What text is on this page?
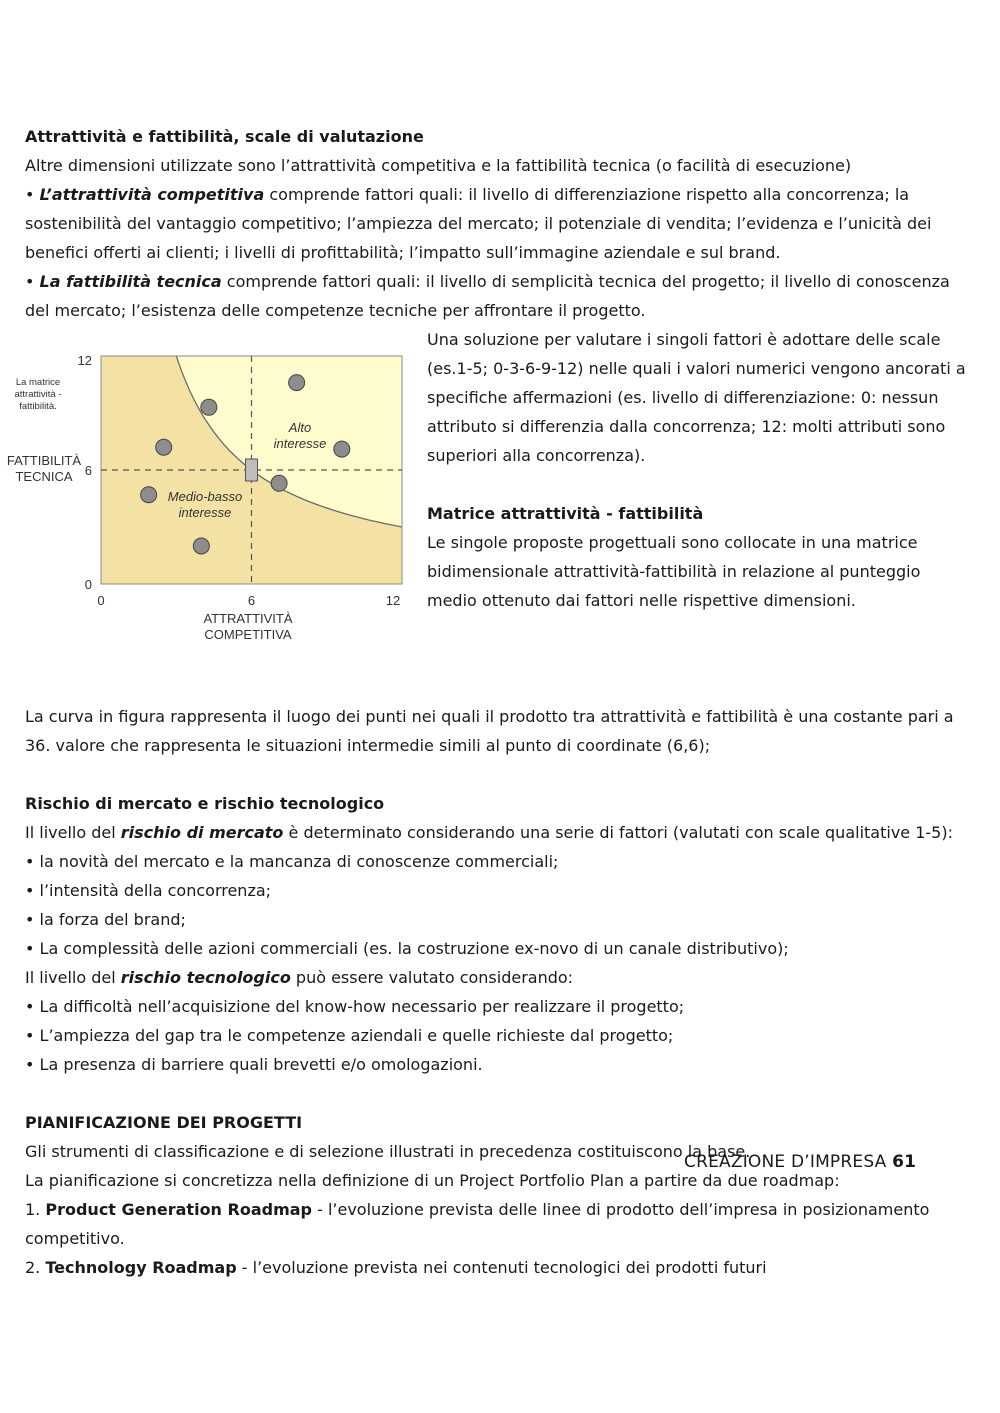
Attrattività e fattibilità, scale di valutazione

Altre dimensioni utilizzate sono l’attrattività competitiva e la fattibilità tecnica (o facilità di esecuzione)

• L’attrattività competitiva comprende fattori quali: il livello di differenziazione rispetto alla concorrenza; la sostenibilità del vantaggio competitivo; l’ampiezza del mercato; il potenziale di vendita; l’evidenza e l’unicità dei benefici offerti ai clienti; i livelli di profittabilità; l’impatto sull’immagine aziendale e sul brand.

• La fattibilità tecnica comprende fattori quali: il livello di semplicità tecnica del progetto; il livello di conoscenza del mercato; l’esistenza delle competenze tecniche per affrontare il progetto.

12
6
0
0	6	12
ATTRATTIVITÀ
COMPETITIVA
FATTIBILITÀ
TECNICA
La matrice
attrattività -
fattibilità.
Alto
interesse
Medio-basso
interesse

Una soluzione per valutare i singoli fattori è adottare delle scale (es.1-5; 0-3-6-9-12) nelle quali i valori numerici vengono ancorati a specifiche affermazioni (es. livello di differenziazione: 0: nessun attributo si differenzia dalla concorrenza; 12: molti attributi sono superiori alla concorrenza).

Matrice attrattività - fattibilità

Le singole proposte progettuali sono collocate in una matrice bidimensionale attrattività-fattibilità in relazione al punteggio medio ottenuto dai fattori nelle rispettive dimensioni.

La curva in figura rappresenta il luogo dei punti nei quali il prodotto tra attrattività e fattibilità è una costante pari a 36. valore che rappresenta le situazioni intermedie simili al punto di coordinate (6,6);

Rischio di mercato e rischio tecnologico

Il livello del rischio di mercato è determinato considerando una serie di fattori (valutati con scale qualitative 1-5):

• la novità del mercato e la mancanza di conoscenze commerciali;

• l’intensità della concorrenza;

• la forza del brand;

• La complessità delle azioni commerciali (es. la costruzione ex-novo di un canale distributivo);

Il livello del rischio tecnologico può essere valutato considerando:

• La difficoltà nell’acquisizione del know-how necessario per realizzare il progetto;

• L’ampiezza del gap tra le competenze aziendali e quelle richieste dal progetto;

• La presenza di barriere quali brevetti e/o omologazioni.

PIANIFICAZIONE DEI PROGETTI

Gli strumenti di classificazione e di selezione illustrati in precedenza costituiscono la base.

La pianificazione si concretizza nella definizione di un Project Portfolio Plan a partire da due roadmap:

1. Product Generation Roadmap - l’evoluzione prevista delle linee di prodotto dell’impresa in posizionamento competitivo.

2. Technology Roadmap - l’evoluzione prevista nei contenuti tecnologici dei prodotti futuri

CREAZIONE D’IMPRESA 61
